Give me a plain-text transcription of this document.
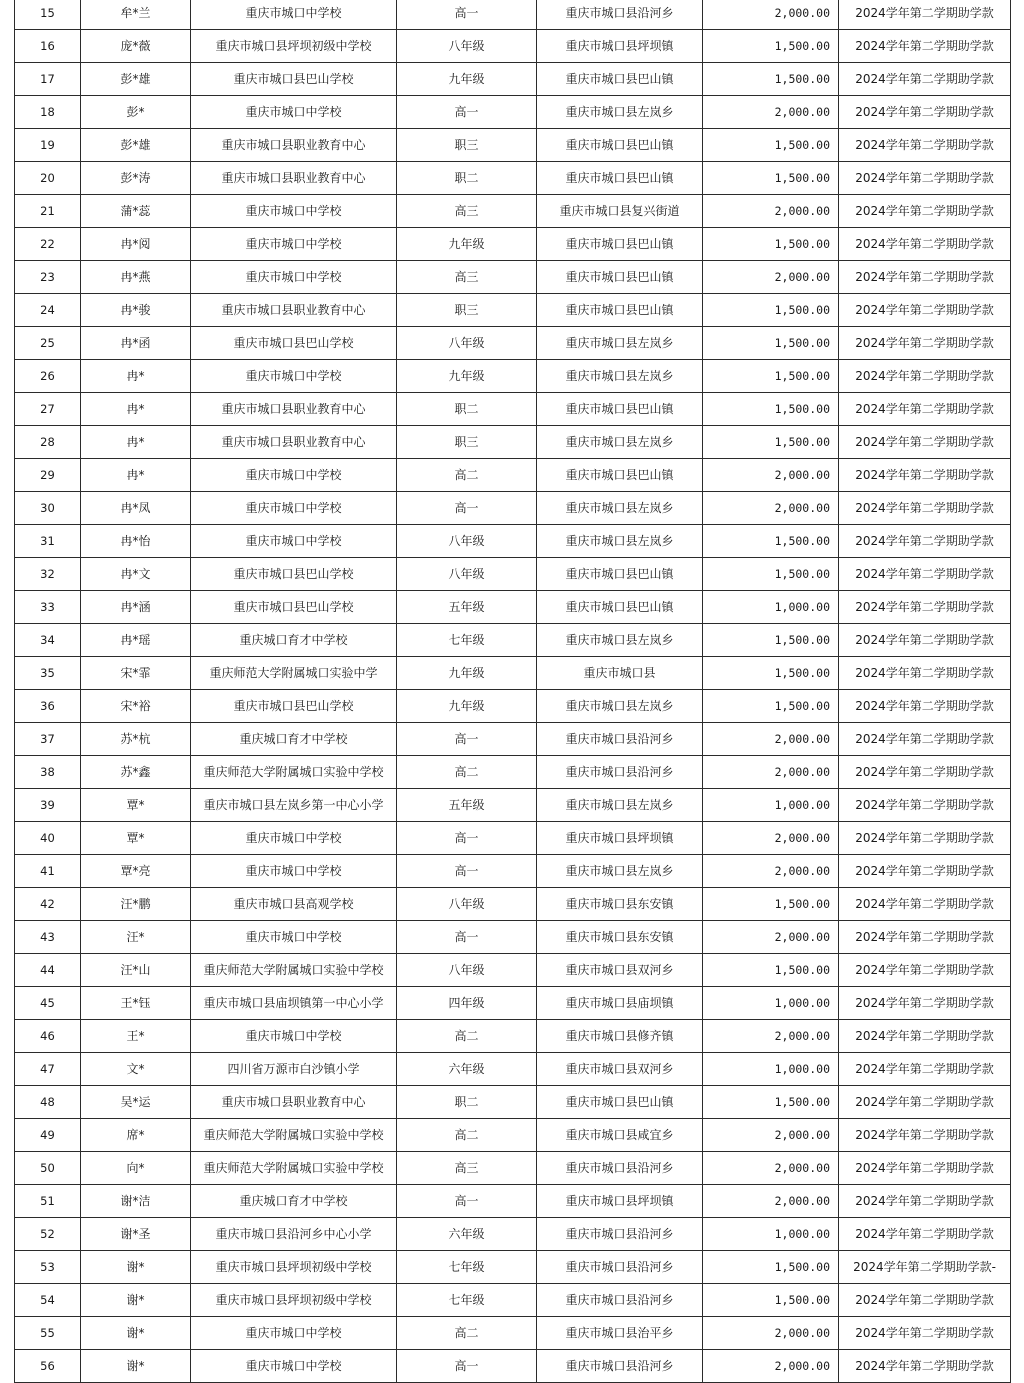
15	牟*兰	重庆市城口中学校	高一	重庆市城口县沿河乡	2,000.00	2024学年第二学期助学款
16	庞*薇	重庆市城口县坪坝初级中学校	八年级	重庆市城口县坪坝镇	1,500.00	2024学年第二学期助学款
17	彭*雄	重庆市城口县巴山学校	九年级	重庆市城口县巴山镇	1,500.00	2024学年第二学期助学款
18	彭*	重庆市城口中学校	高一	重庆市城口县左岚乡	2,000.00	2024学年第二学期助学款
19	彭*雄	重庆市城口县职业教育中心	职三	重庆市城口县巴山镇	1,500.00	2024学年第二学期助学款
20	彭*涛	重庆市城口县职业教育中心	职二	重庆市城口县巴山镇	1,500.00	2024学年第二学期助学款
21	蒲*蕊	重庆市城口中学校	高三	重庆市城口县复兴街道	2,000.00	2024学年第二学期助学款
22	冉*阅	重庆市城口中学校	九年级	重庆市城口县巴山镇	1,500.00	2024学年第二学期助学款
23	冉*燕	重庆市城口中学校	高三	重庆市城口县巴山镇	2,000.00	2024学年第二学期助学款
24	冉*骏	重庆市城口县职业教育中心	职三	重庆市城口县巴山镇	1,500.00	2024学年第二学期助学款
25	冉*函	重庆市城口县巴山学校	八年级	重庆市城口县左岚乡	1,500.00	2024学年第二学期助学款
26	冉*	重庆市城口中学校	九年级	重庆市城口县左岚乡	1,500.00	2024学年第二学期助学款
27	冉*	重庆市城口县职业教育中心	职二	重庆市城口县巴山镇	1,500.00	2024学年第二学期助学款
28	冉*	重庆市城口县职业教育中心	职三	重庆市城口县左岚乡	1,500.00	2024学年第二学期助学款
29	冉*	重庆市城口中学校	高二	重庆市城口县巴山镇	2,000.00	2024学年第二学期助学款
30	冉*凤	重庆市城口中学校	高一	重庆市城口县左岚乡	2,000.00	2024学年第二学期助学款
31	冉*怡	重庆市城口中学校	八年级	重庆市城口县左岚乡	1,500.00	2024学年第二学期助学款
32	冉*文	重庆市城口县巴山学校	八年级	重庆市城口县巴山镇	1,500.00	2024学年第二学期助学款
33	冉*涵	重庆市城口县巴山学校	五年级	重庆市城口县巴山镇	1,000.00	2024学年第二学期助学款
34	冉*瑶	重庆城口育才中学校	七年级	重庆市城口县左岚乡	1,500.00	2024学年第二学期助学款
35	宋*霏	重庆师范大学附属城口实验中学	九年级	重庆市城口县	1,500.00	2024学年第二学期助学款
36	宋*裕	重庆市城口县巴山学校	九年级	重庆市城口县左岚乡	1,500.00	2024学年第二学期助学款
37	苏*杭	重庆城口育才中学校	高一	重庆市城口县沿河乡	2,000.00	2024学年第二学期助学款
38	苏*鑫	重庆师范大学附属城口实验中学校	高二	重庆市城口县沿河乡	2,000.00	2024学年第二学期助学款
39	覃*	重庆市城口县左岚乡第一中心小学	五年级	重庆市城口县左岚乡	1,000.00	2024学年第二学期助学款
40	覃*	重庆市城口中学校	高一	重庆市城口县坪坝镇	2,000.00	2024学年第二学期助学款
41	覃*亮	重庆市城口中学校	高一	重庆市城口县左岚乡	2,000.00	2024学年第二学期助学款
42	汪*鹏	重庆市城口县高观学校	八年级	重庆市城口县东安镇	1,500.00	2024学年第二学期助学款
43	汪*	重庆市城口中学校	高一	重庆市城口县东安镇	2,000.00	2024学年第二学期助学款
44	汪*山	重庆师范大学附属城口实验中学校	八年级	重庆市城口县双河乡	1,500.00	2024学年第二学期助学款
45	王*钰	重庆市城口县庙坝镇第一中心小学	四年级	重庆市城口县庙坝镇	1,000.00	2024学年第二学期助学款
46	王*	重庆市城口中学校	高二	重庆市城口县修齐镇	2,000.00	2024学年第二学期助学款
47	文*	四川省万源市白沙镇小学	六年级	重庆市城口县双河乡	1,000.00	2024学年第二学期助学款
48	吴*运	重庆市城口县职业教育中心	职二	重庆市城口县巴山镇	1,500.00	2024学年第二学期助学款
49	席*	重庆师范大学附属城口实验中学校	高二	重庆市城口县咸宜乡	2,000.00	2024学年第二学期助学款
50	向*	重庆师范大学附属城口实验中学校	高三	重庆市城口县沿河乡	2,000.00	2024学年第二学期助学款
51	谢*洁	重庆城口育才中学校	高一	重庆市城口县坪坝镇	2,000.00	2024学年第二学期助学款
52	谢*圣	重庆市城口县沿河乡中心小学	六年级	重庆市城口县沿河乡	1,000.00	2024学年第二学期助学款
53	谢*	重庆市城口县坪坝初级中学校	七年级	重庆市城口县沿河乡	1,500.00	2024学年第二学期助学款-
54	谢*	重庆市城口县坪坝初级中学校	七年级	重庆市城口县沿河乡	1,500.00	2024学年第二学期助学款
55	谢*	重庆市城口中学校	高二	重庆市城口县治平乡	2,000.00	2024学年第二学期助学款
56	谢*	重庆市城口中学校	高一	重庆市城口县沿河乡	2,000.00	2024学年第二学期助学款
